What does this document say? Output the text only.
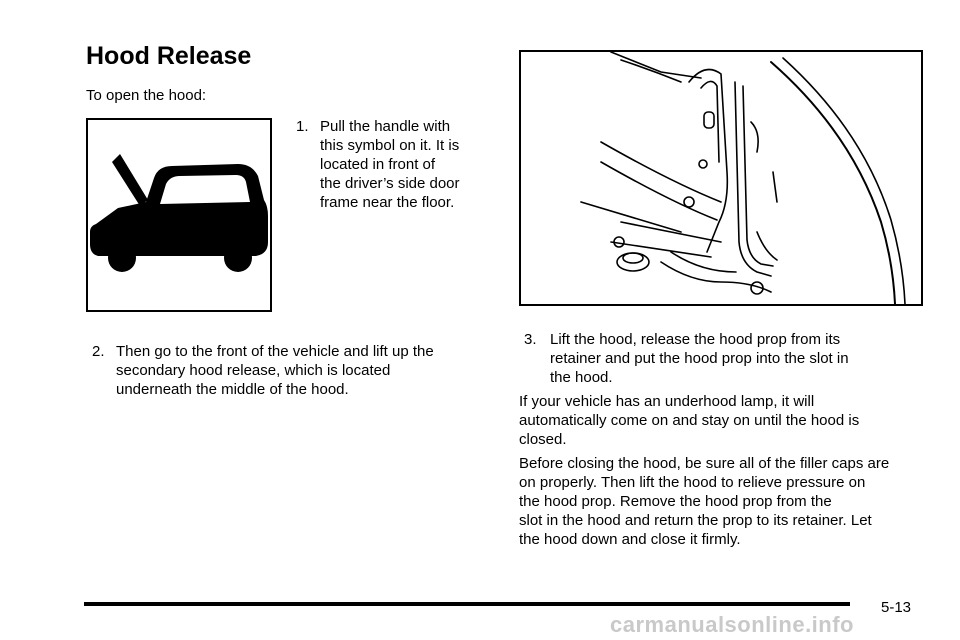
Hood Release

To open the hood:

1. Pull the handle with
this symbol on it. It is
located in front of
the driver’s side door
frame near the floor.
2. Then go to the front of the vehicle and lift up the
secondary hood release, which is located
underneath the middle of the hood.
3. Lift the hood, release the hood prop from its
retainer and put the hood prop into the slot in
the hood.

If your vehicle has an underhood lamp, it will
automatically come on and stay on until the hood is
closed.

Before closing the hood, be sure all of the filler caps are
on properly. Then lift the hood to relieve pressure on
the hood prop. Remove the hood prop from the
slot in the hood and return the prop to its retainer. Let
the hood down and close it firmly.

5-13
carmanualsonline.info
